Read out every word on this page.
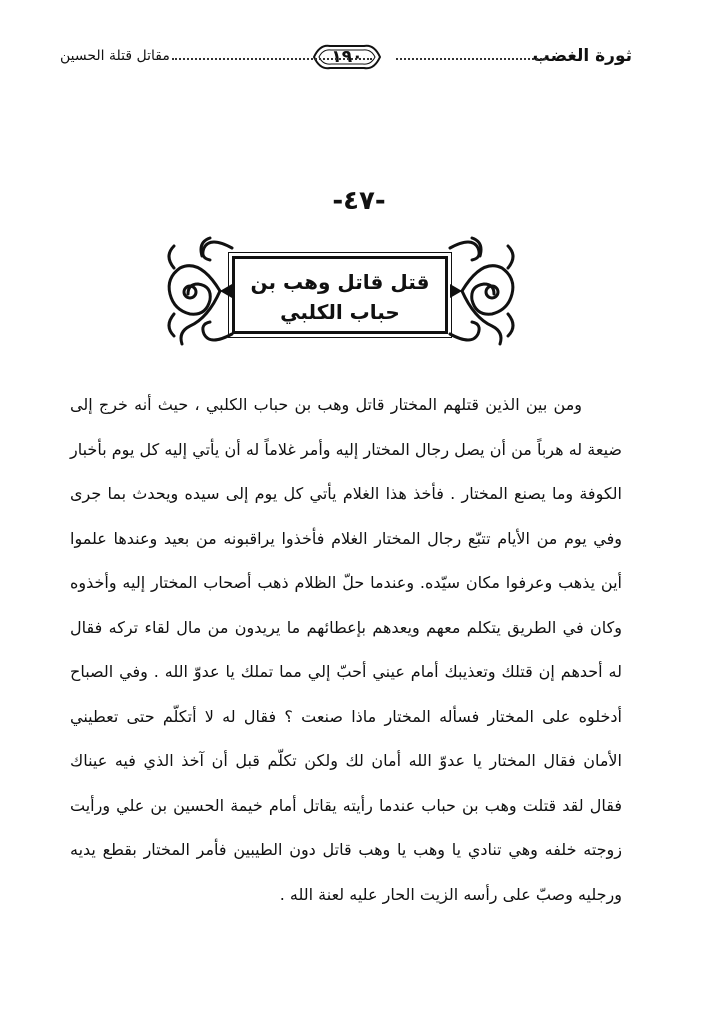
ثورة الغضب
١٩٠
مقاتل قتلة الحسين
-٤٧-
قتل قاتل وهب بن حباب الكلبي

ومن بين الذين قتلهم المختار قاتل وهب بن حباب الكلبي ، حيث أنه خرج إلى ضيعة له هرباً من أن يصل رجال المختار إليه وأمر غلاماً له أن يأتي إليه كل يوم بأخبار الكوفة وما يصنع المختار . فأخذ هذا الغلام يأتي كل يوم إلى سيده ويحدث بما جرى وفي يوم من الأيام تتبّع رجال المختار الغلام فأخذوا يراقبونه من بعيد وعندها علموا أين يذهب وعرفوا مكان سيّده. وعندما حلّ الظلام ذهب أصحاب المختار إليه وأخذوه وكان في الطريق يتكلم معهم ويعدهم بإعطائهم ما يريدون من مال لقاء تركه فقال له أحدهم إن قتلك وتعذيبك أمام عيني أحبّ إلي مما تملك يا عدوّ الله . وفي الصباح أدخلوه على المختار فسأله المختار ماذا صنعت ؟ فقال له لا أتكلّم حتى تعطيني الأمان فقال المختار يا عدوّ الله أمان لك ولكن تكلّم قبل أن آخذ الذي فيه عيناك فقال لقد قتلت وهب بن حباب عندما رأيته يقاتل أمام خيمة الحسين بن علي ورأيت زوجته خلفه وهي تنادي يا وهب يا وهب قاتل دون الطيبين فأمر المختار بقطع يديه ورجليه وصبّ على رأسه الزيت الحار عليه لعنة الله .
